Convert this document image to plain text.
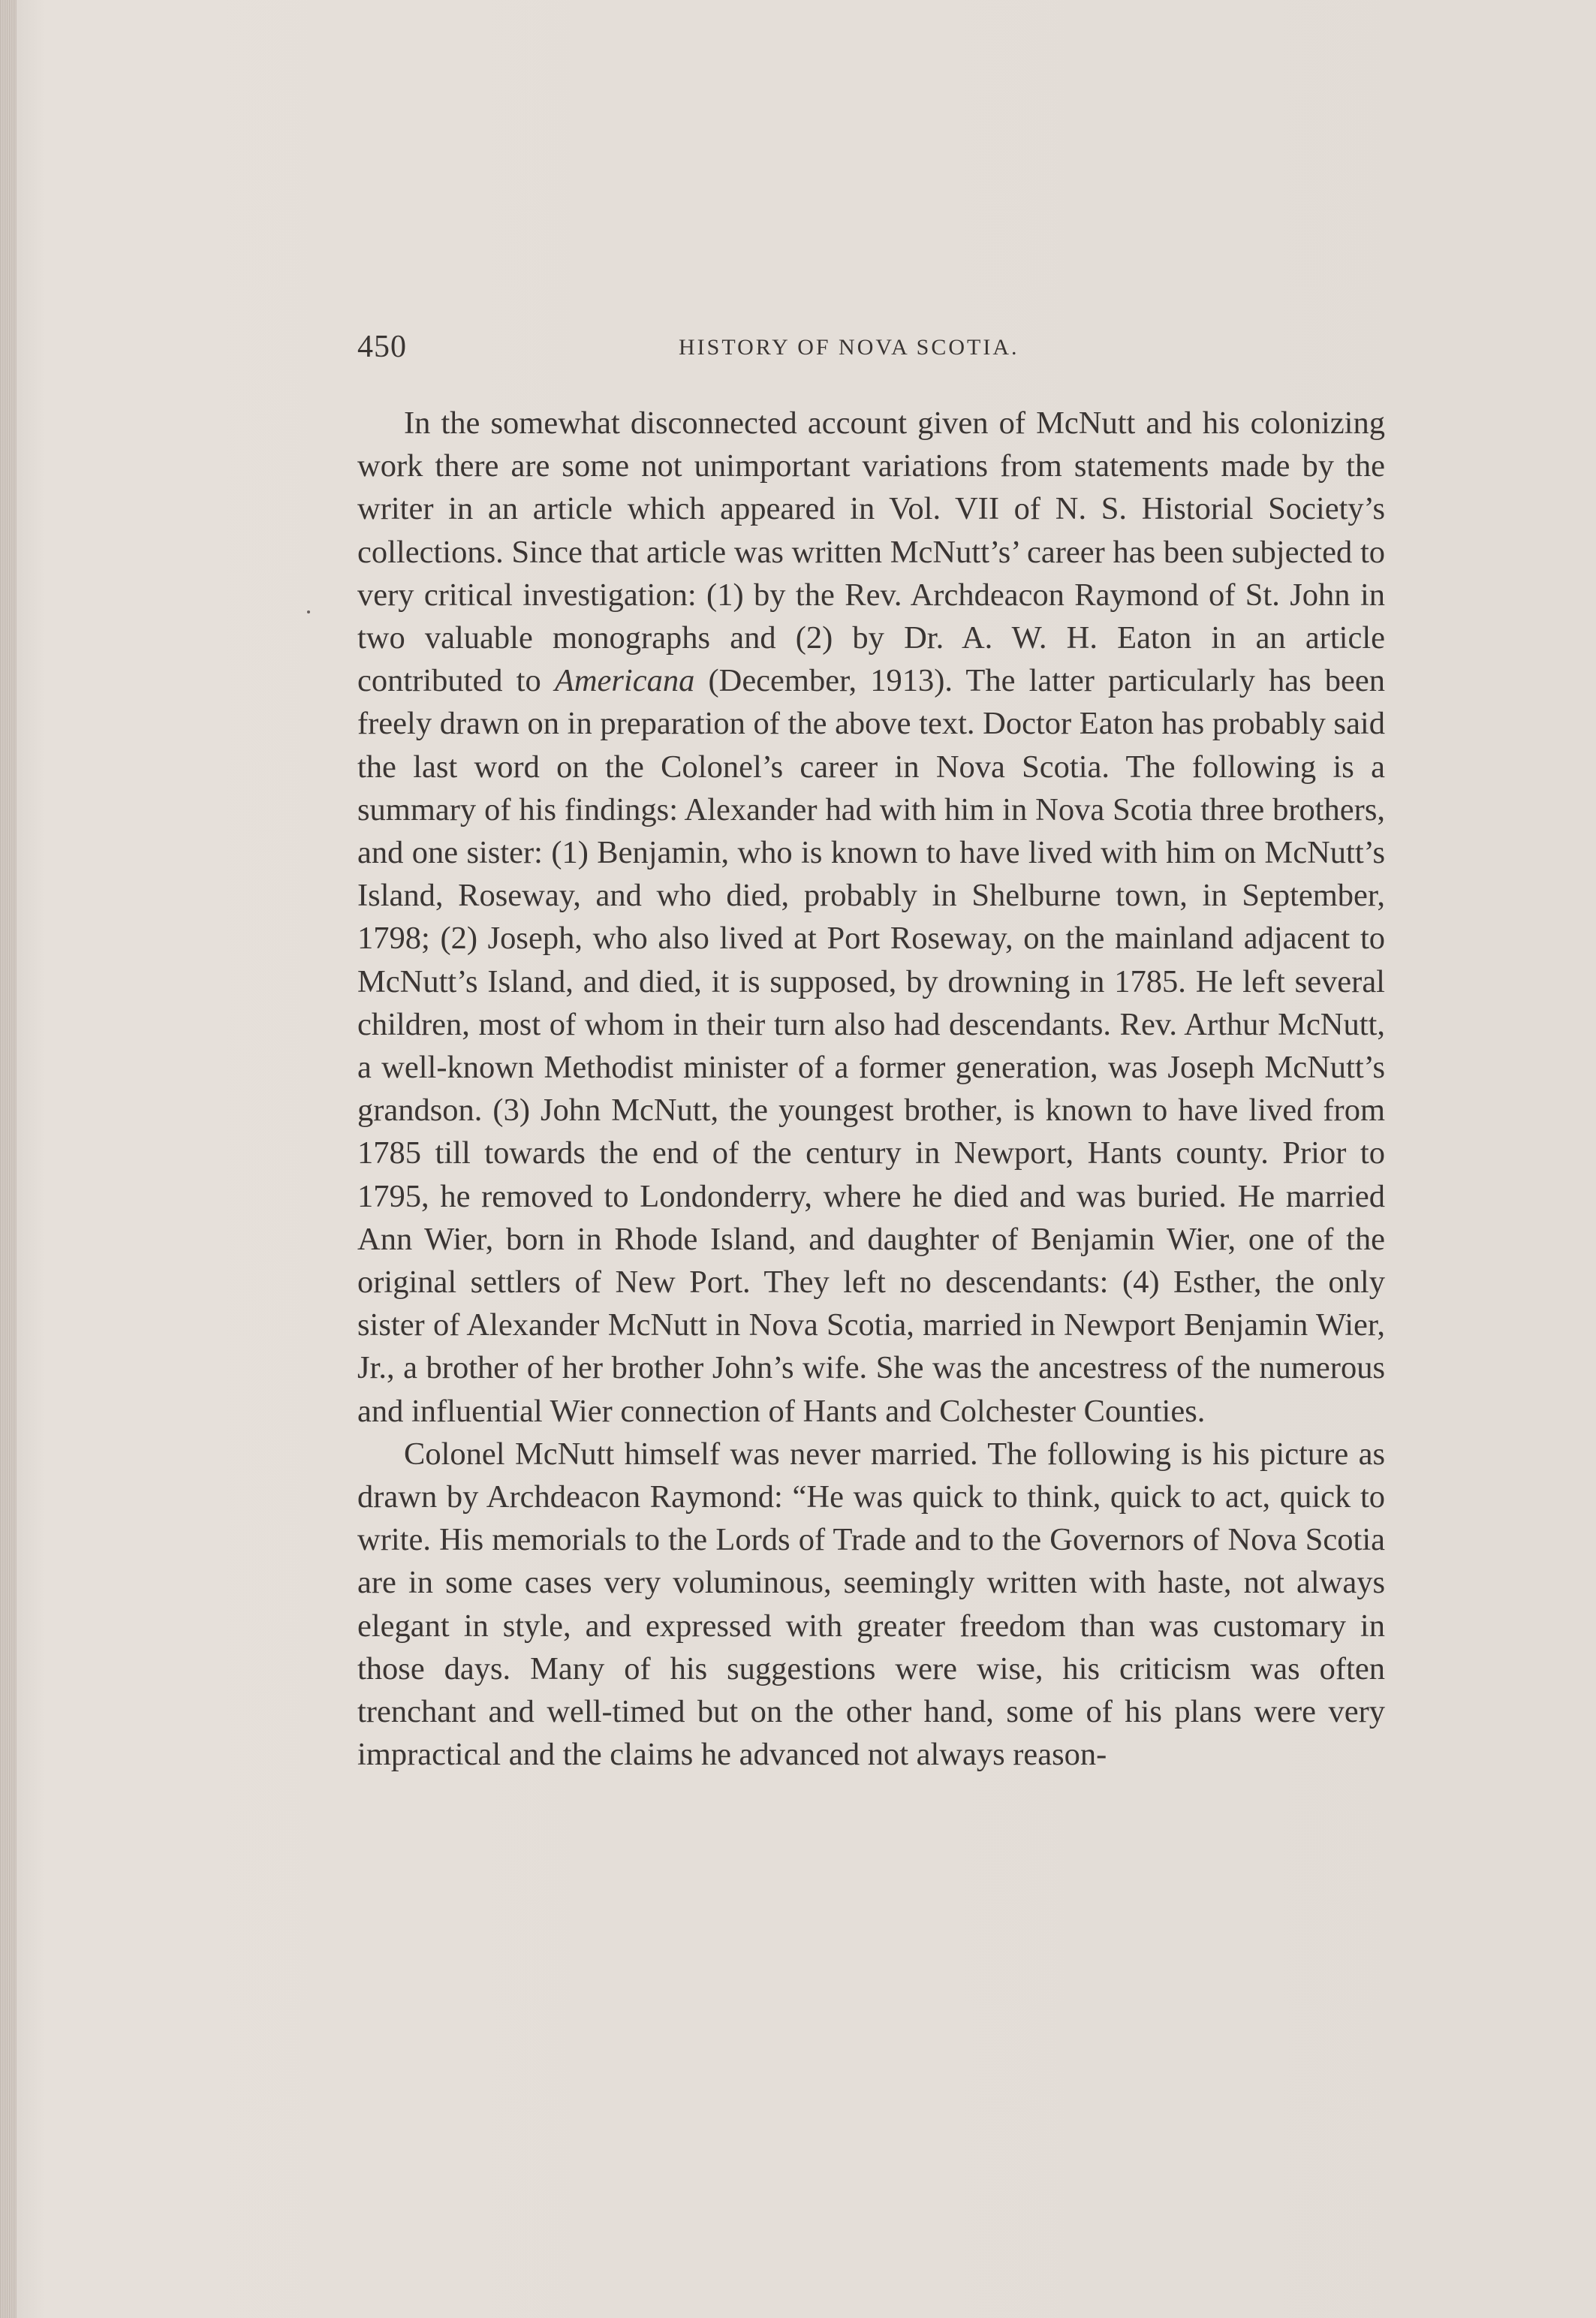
450	HISTORY OF NOVA SCOTIA.

In the somewhat disconnected account given of McNutt and his colonizing work there are some not unimportant variations from statements made by the writer in an article which appeared in Vol. VII of N. S. Historial Society’s collections. Since that article was written McNutt’s’ career has been subjected to very critical investigation: (1) by the Rev. Archdeacon Raymond of St. John in two valuable monographs and (2) by Dr. A. W. H. Eaton in an article contributed to Americana (December, 1913). The latter particularly has been freely drawn on in preparation of the above text. Doctor Eaton has probably said the last word on the Colonel’s career in Nova Scotia. The following is a summary of his findings: Alexander had with him in Nova Scotia three brothers, and one sister: (1) Benjamin, who is known to have lived with him on McNutt’s Island, Roseway, and who died, probably in Shelburne town, in September, 1798; (2) Joseph, who also lived at Port Roseway, on the mainland adjacent to McNutt’s Island, and died, it is supposed, by drowning in 1785. He left several children, most of whom in their turn also had descendants. Rev. Arthur McNutt, a well-known Methodist minister of a former generation, was Joseph McNutt’s grandson. (3) John McNutt, the youngest brother, is known to have lived from 1785 till towards the end of the century in Newport, Hants county. Prior to 1795, he removed to Londonderry, where he died and was buried. He married Ann Wier, born in Rhode Island, and daughter of Benjamin Wier, one of the original settlers of New Port. They left no descendants: (4) Esther, the only sister of Alexander McNutt in Nova Scotia, married in Newport Benjamin Wier, Jr., a brother of her brother John’s wife. She was the ancestress of the numerous and influential Wier connection of Hants and Colchester Counties.

Colonel McNutt himself was never married. The following is his picture as drawn by Archdeacon Raymond: “He was quick to think, quick to act, quick to write. His memorials to the Lords of Trade and to the Governors of Nova Scotia are in some cases very voluminous, seemingly written with haste, not always elegant in style, and expressed with greater freedom than was customary in those days. Many of his suggestions were wise, his criticism was often trenchant and well-timed but on the other hand, some of his plans were very impractical and the claims he advanced not always reason-
